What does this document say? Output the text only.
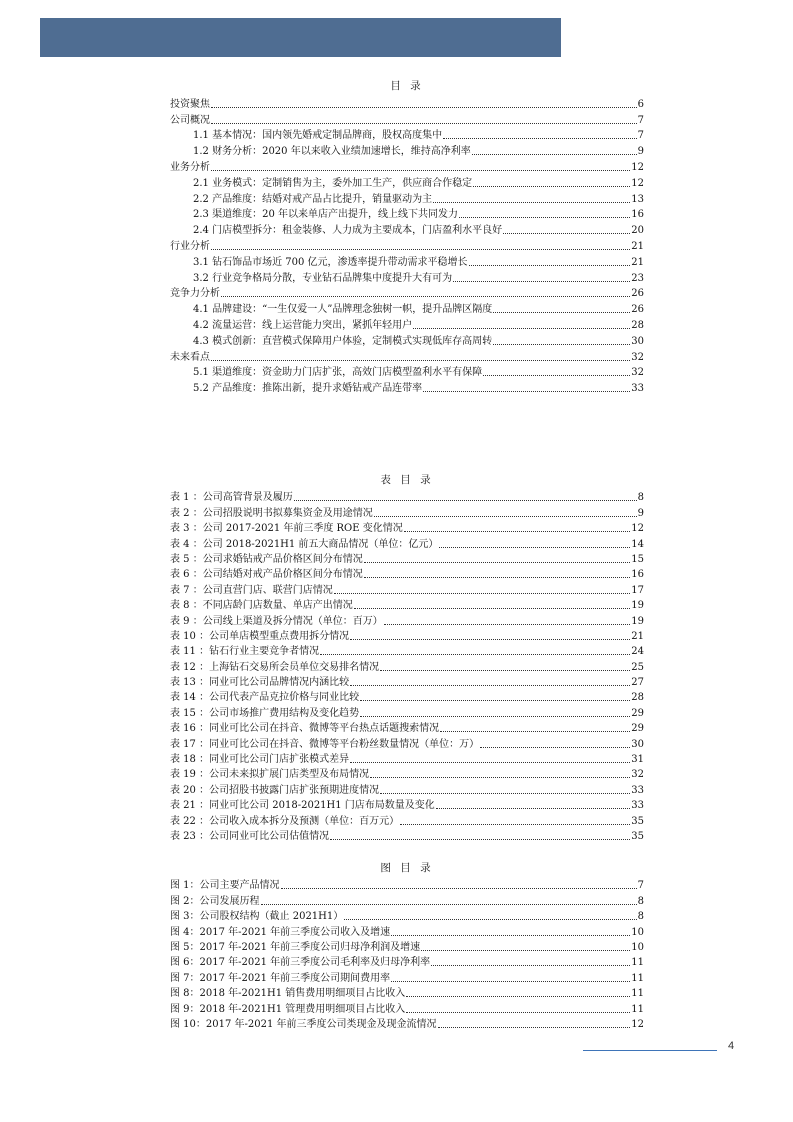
目 录
投资聚焦	6
公司概况	7
1.1 基本情况：国内领先婚戒定制品牌商，股权高度集中	7
1.2 财务分析：2020 年以来收入业绩加速增长，维持高净利率	9
业务分析	12
2.1 业务模式：定制销售为主，委外加工生产，供应商合作稳定	12
2.2 产品维度：结婚对戒产品占比提升，销量驱动为主	13
2.3 渠道维度：20 年以来单店产出提升，线上线下共同发力	16
2.4 门店模型拆分：租金装修、人力成为主要成本，门店盈利水平良好	20
行业分析	21
3.1 钻石饰品市场近 700 亿元，渗透率提升带动需求平稳增长	21
3.2 行业竞争格局分散，专业钻石品牌集中度提升大有可为	23
竞争力分析	26
4.1 品牌建设：“一生仅爱一人”品牌理念独树一帜，提升品牌区隔度	26
4.2 流量运营：线上运营能力突出，紧抓年轻用户	28
4.3 模式创新：直营模式保障用户体验，定制模式实现低库存高周转	30
未来看点	32
5.1 渠道维度：资金助力门店扩张，高效门店模型盈利水平有保障	32
5.2 产品维度：推陈出新，提升求婚钻戒产品连带率	33
表 目 录
表 1 ：公司高管背景及履历	8
表 2 ：公司招股说明书拟募集资金及用途情况	9
表 3 ：公司 2017-2021 年前三季度 ROE 变化情况	12
表 4 ：公司 2018-2021H1 前五大商品情况（单位：亿元）	14
表 5 ：公司求婚钻戒产品价格区间分布情况	15
表 6 ：公司结婚对戒产品价格区间分布情况	16
表 7 ：公司直营门店、联营门店情况	17
表 8 ：不同店龄门店数量、单店产出情况	19
表 9 ：公司线上渠道及拆分情况（单位：百万）	19
表 10 ：公司单店模型重点费用拆分情况	21
表 11 ：钻石行业主要竞争者情况	24
表 12 ：上海钻石交易所会员单位交易排名情况	25
表 13 ：同业可比公司品牌情况内涵比较	27
表 14 ：公司代表产品克拉价格与同业比较	28
表 15 ：公司市场推广费用结构及变化趋势	29
表 16 ：同业可比公司在抖音、微博等平台热点话题搜索情况	29
表 17 ：同业可比公司在抖音、微博等平台粉丝数量情况（单位：万）	30
表 18 ：同业可比公司门店扩张模式差异	31
表 19 ：公司未来拟扩展门店类型及布局情况	32
表 20 ：公司招股书披露门店扩张预期进度情况	33
表 21 ：同业可比公司 2018-2021H1 门店布局数量及变化	33
表 22 ：公司收入成本拆分及预测（单位：百万元）	35
表 23 ：公司同业可比公司估值情况	35
图 目 录
图 1：公司主要产品情况	7
图 2：公司发展历程	8
图 3：公司股权结构（截止 2021H1）	8
图 4：2017 年-2021 年前三季度公司收入及增速	10
图 5：2017 年-2021 年前三季度公司归母净利润及增速	10
图 6：2017 年-2021 年前三季度公司毛利率及归母净利率	11
图 7：2017 年-2021 年前三季度公司期间费用率	11
图 8：2018 年-2021H1 销售费用明细项目占比收入	11
图 9：2018 年-2021H1 管理费用明细项目占比收入	11
图 10：2017 年-2021 年前三季度公司类现金及现金流情况	12
4
